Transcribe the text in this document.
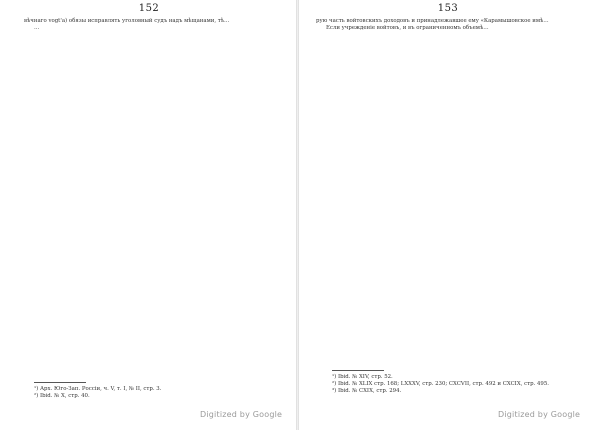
152

вѣчнаго vogt'а) обязы исправлять уголовный судъ надъ мѣщанами, тѣ…

…

¹) Арх. Юго-Зап. Россіи, ч. V, т. I, № II, стр. 3.
²) Ibid. № X, стр. 40.
Digitized by Google
153

рую часть войтовскихъ доходовъ и принадлежавшее ему «Карамышовское имѣ…

Если учрежденіе войтовъ, и въ ограниченномъ объемѣ…

¹) Ibid. № XIV, стр. 52.
²) Ibid. № XLIX стр. 168; LXXXV, стр. 230; CXCVII, стр. 492 и CXCIX, стр. 495.
³) Ibid. № CXIX, стр. 294.
Digitized by Google
